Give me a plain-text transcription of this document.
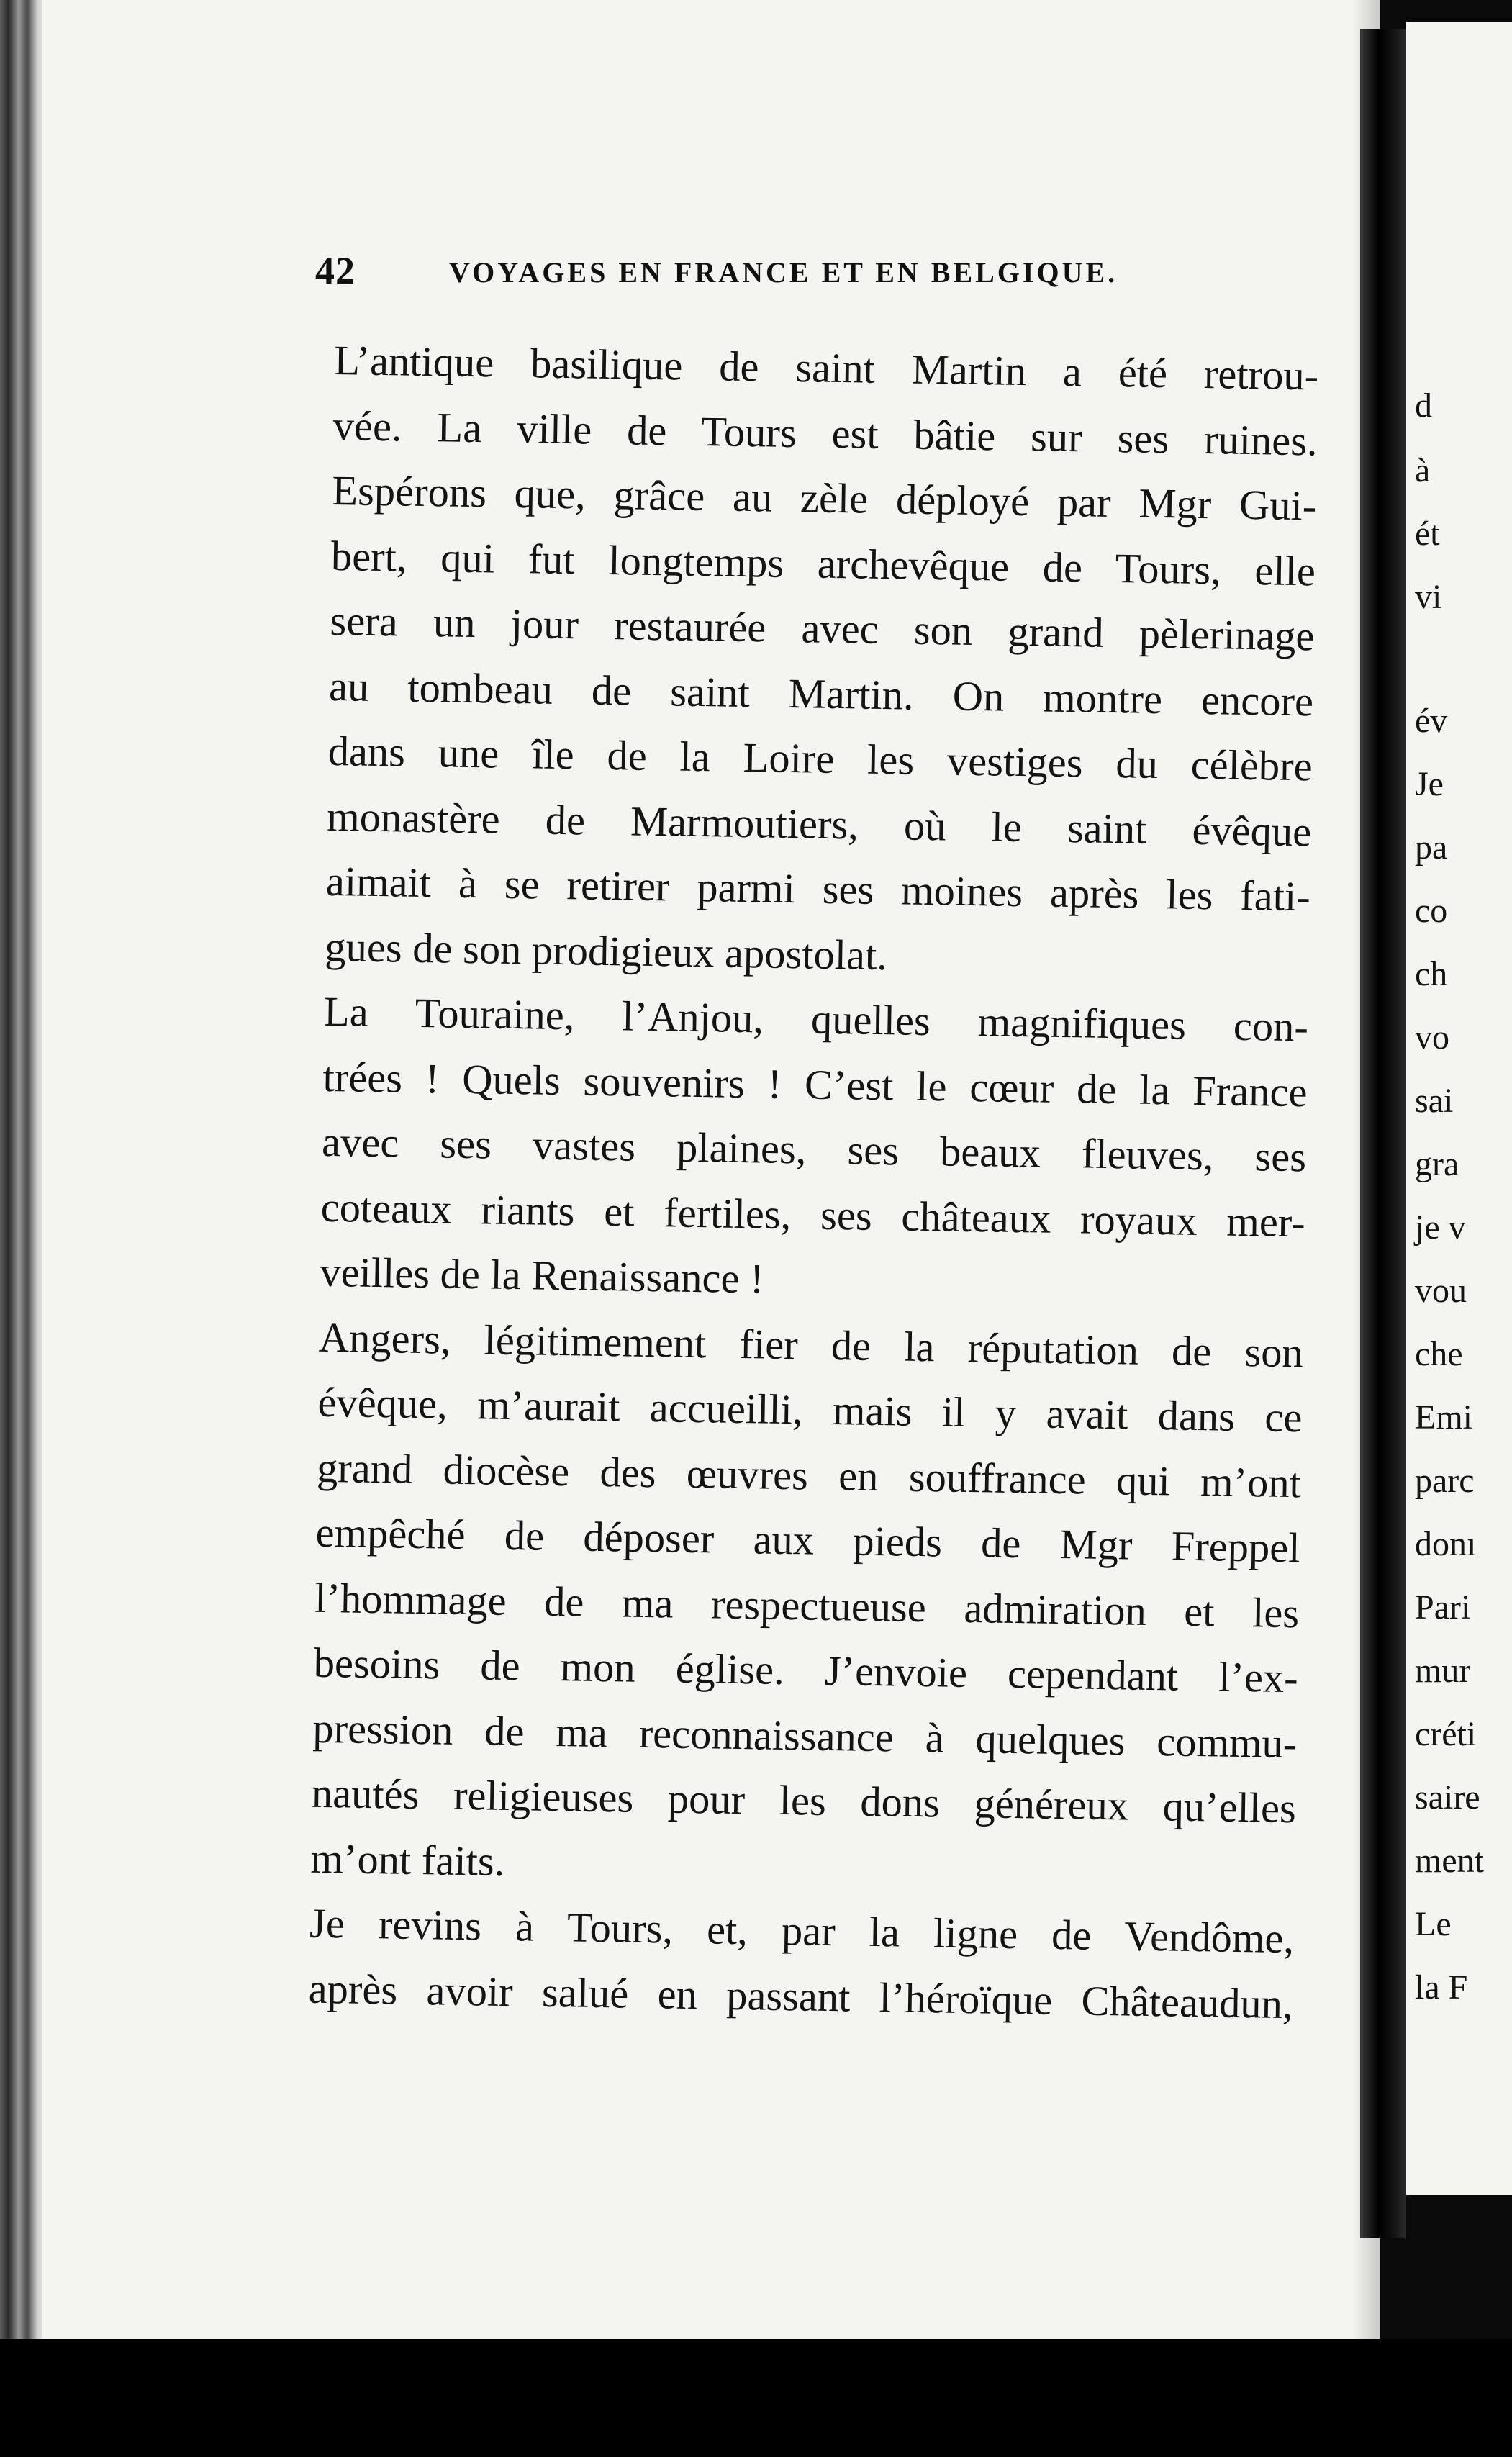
42	VOYAGES EN FRANCE ET EN BELGIQUE.

L’antique basilique de saint Martin a été retrou-
vée. La ville de Tours est bâtie sur ses ruines.
Espérons que, grâce au zèle déployé par Mgr Gui-
bert, qui fut longtemps archevêque de Tours, elle
sera un jour restaurée avec son grand pèlerinage
au tombeau de saint Martin. On montre encore
dans une île de la Loire les vestiges du célèbre
monastère de Marmoutiers, où le saint évêque
aimait à se retirer parmi ses moines après les fati-
gues de son prodigieux apostolat.

La Touraine, l’Anjou, quelles magnifiques con-
trées ! Quels souvenirs ! C’est le cœur de la France
avec ses vastes plaines, ses beaux fleuves, ses
coteaux riants et fertiles, ses châteaux royaux mer-
veilles de la Renaissance !

Angers, légitimement fier de la réputation de son
évêque, m’aurait accueilli, mais il y avait dans ce
grand diocèse des œuvres en souffrance qui m’ont
empêché de déposer aux pieds de Mgr Freppel
l’hommage de ma respectueuse admiration et les
besoins de mon église. J’envoie cependant l’ex-
pression de ma reconnaissance à quelques commu-
nautés religieuses pour les dons généreux qu’elles
m’ont faits.

Je revins à Tours, et, par la ligne de Vendôme,
après avoir salué en passant l’héroïque Châteaudun,

d
à
ét
vi
év
Je
pa
co
ch
vo
sai
gra
je v
vou
che
Emi
parc
donı
Pari
mur
créti
saire
ment
Le
la F
